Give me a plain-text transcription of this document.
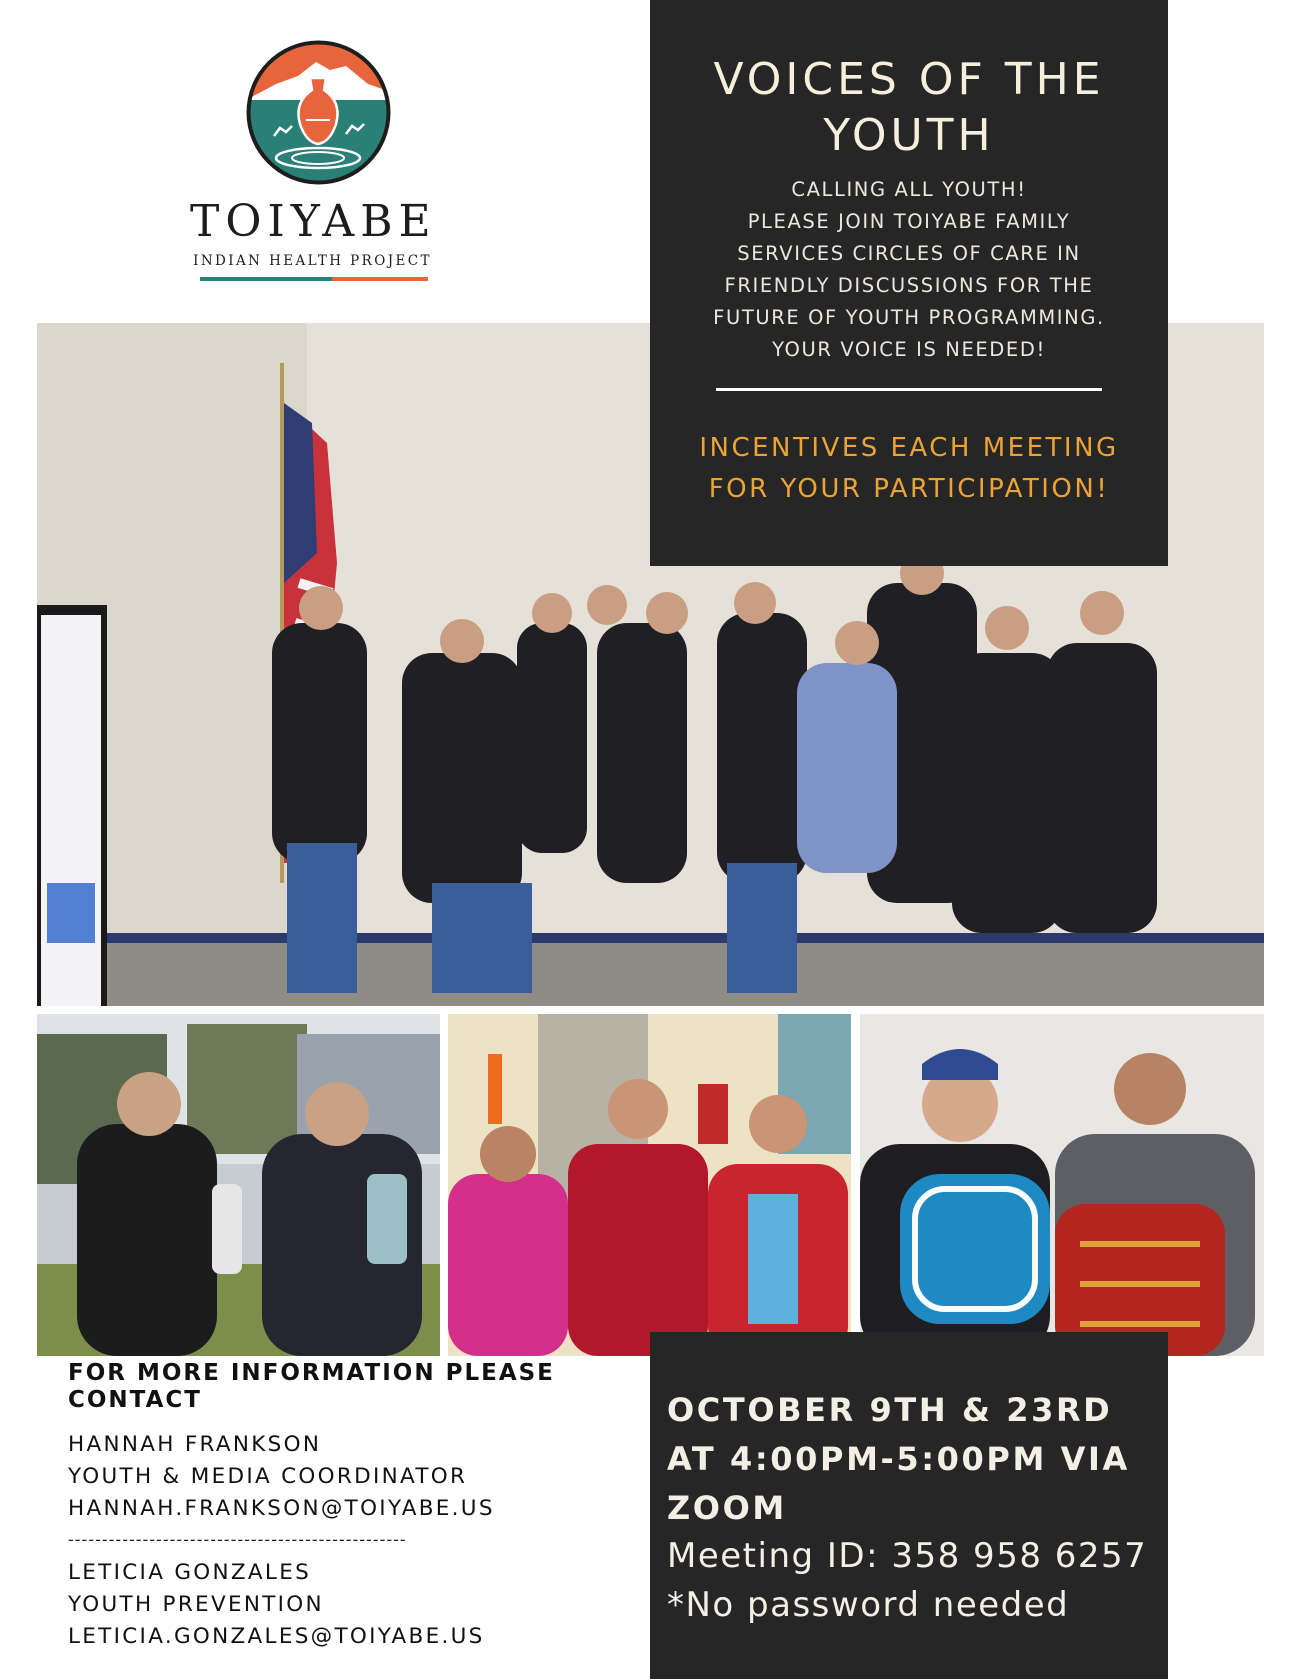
TOIYABE
INDIAN HEALTH PROJECT
VOICES OF THE
YOUTH
CALLING ALL YOUTH!
PLEASE JOIN TOIYABE FAMILY
SERVICES CIRCLES OF CARE IN
FRIENDLY DISCUSSIONS FOR THE
FUTURE OF YOUTH PROGRAMMING.
YOUR VOICE IS NEEDED!
INCENTIVES EACH MEETING
FOR YOUR PARTICIPATION!
FOR MORE INFORMATION PLEASE
CONTACT
HANNAH FRANKSON
YOUTH & MEDIA COORDINATOR
HANNAH.FRANKSON@TOIYABE.US
--------------------------------------------------
LETICIA GONZALES
YOUTH PREVENTION
LETICIA.GONZALES@TOIYABE.US
OCTOBER 9TH & 23RD
AT 4:00PM-5:00PM VIA
ZOOM
Meeting ID: 358 958 6257
*No password needed
